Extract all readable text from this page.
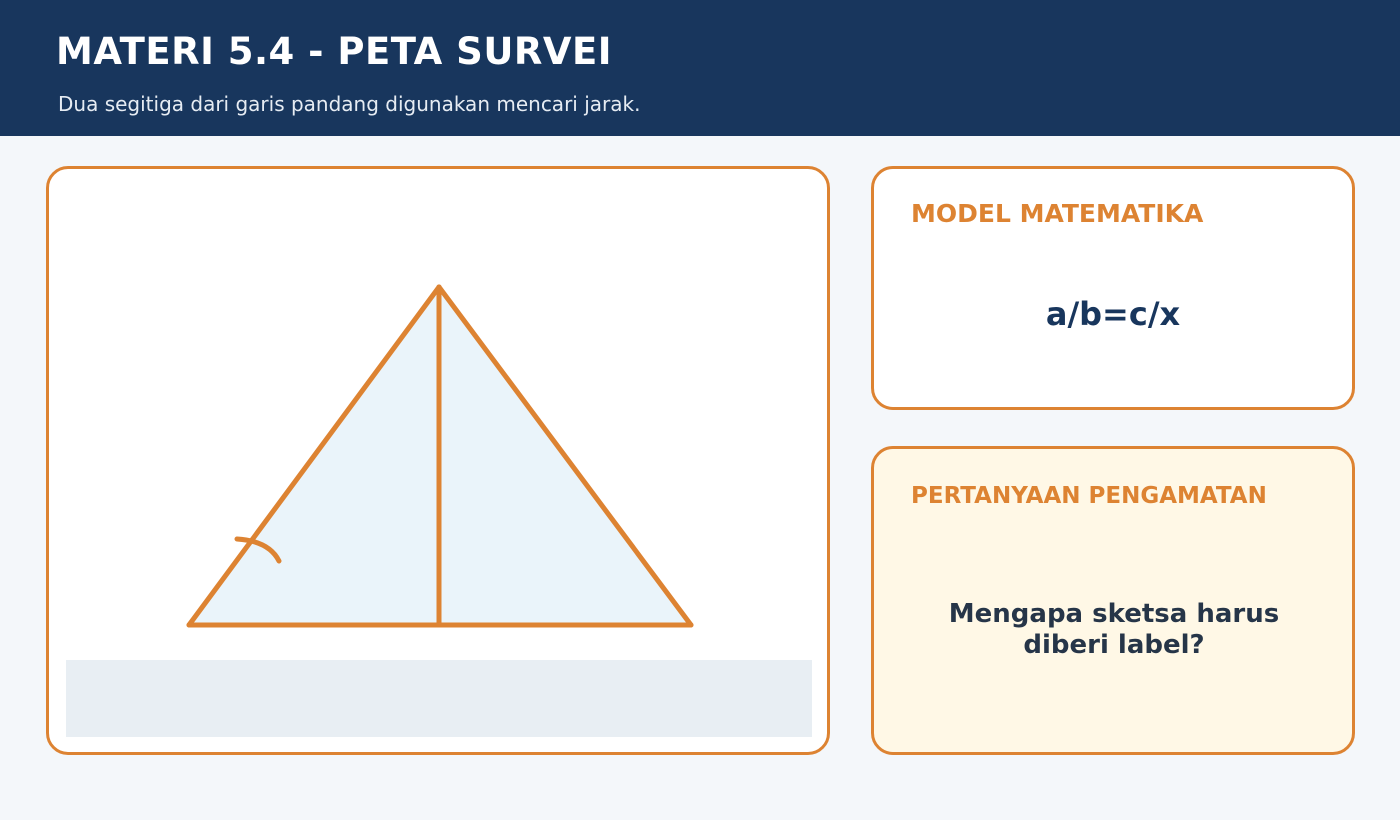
MATERI 5.4 - PETA SURVEI
Dua segitiga dari garis pandang digunakan mencari jarak.
MODEL MATEMATIKA
a/b=c/x
PERTANYAAN PENGAMATAN
Mengapa sketsa harus diberi label?
